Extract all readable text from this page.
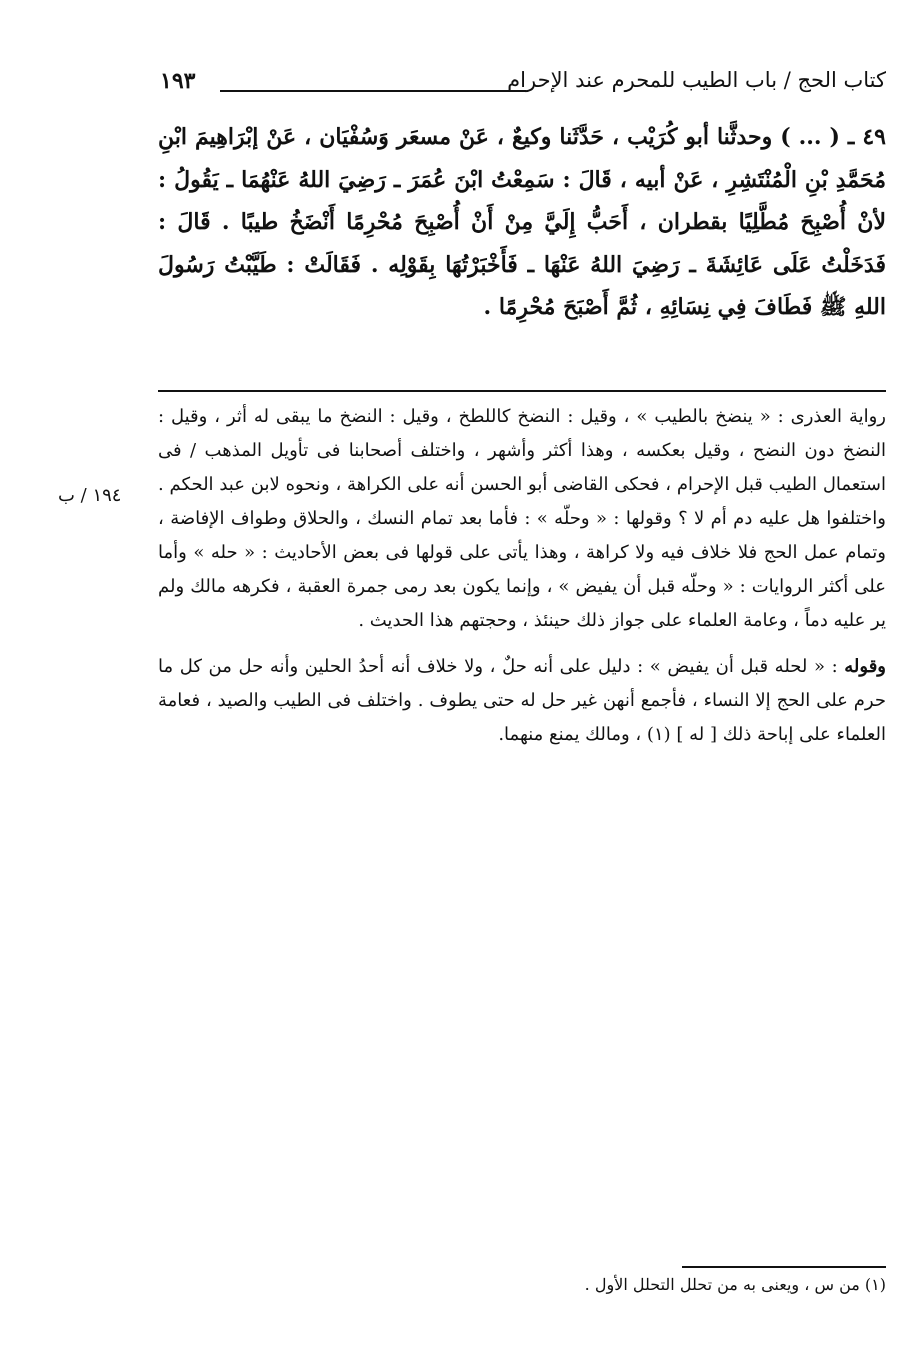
كتاب الحج / باب الطيب للمحرم عند الإحرام
١٩٣
٤٩ ـ ( ... ) وحدثَّنا أبو كُرَيْب ، حَدَّثَنا وكيعٌ ، عَنْ مسعَر وَسُفْيَان ، عَنْ إبْرَاهِيمَ ابْنِ مُحَمَّدِ بْنِ الْمُنْتَشِرِ ، عَنْ أبيه ، قَالَ : سَمِعْتُ ابْنَ عُمَرَ ـ رَضِيَ اللهُ عَنْهُمَا ـ يَقُولُ : لأنْ أُصْبِحَ مُطَّلِيًا بقطران ، أَحَبُّ إِلَيَّ مِنْ أَنْ أُصْبِحَ مُحْرِمًا أَنْضَخُ طيبًا . قَالَ : فَدَخَلْتُ عَلَى عَائِشَةَ ـ رَضِيَ اللهُ عَنْهَا ـ فَأَخْبَرْتُهَا بِقَوْلِه . فَقَالَتْ : طَيَّبْتُ رَسُولَ اللهِ ﷺ فَطَافَ فِي نِسَائِهِ ، ثُمَّ أَصْبَحَ مُحْرِمًا .

رواية العذرى : « ينضخ بالطيب » ، وقيل : النضخ كاللطخ ، وقيل : النضخ ما يبقى له أثر ، وقيل : النضخ دون النضح ، وقيل بعكسه ، وهذا أكثر وأشهر ، واختلف أصحابنا فى تأويل المذهب / فى استعمال الطيب قبل الإحرام ، فحكى القاضى أبو الحسن أنه على الكراهة ، ونحوه لابن عبد الحكم . واختلفوا هل عليه دم أم لا ؟ وقولها : « وحلّه » : فأما بعد تمام النسك ، والحلاق وطواف الإفاضة ، وتمام عمل الحج فلا خلاف فيه ولا كراهة ، وهذا يأتى على قولها فى بعض الأحاديث : « حله » وأما على أكثر الروايات : « وحلّه قبل أن يفيض » ، وإنما يكون بعد رمى جمرة العقبة ، فكرهه مالك ولم ير عليه دماً ، وعامة العلماء على جواز ذلك حينئذ ، وحجتهم هذا الحديث .

وقوله : « لحله قبل أن يفيض » : دليل على أنه حلٌ ، ولا خلاف أنه أحدُ الحلين وأنه حل من كل ما حرم على الحج إلا النساء ، فأجمع أنهن غير حل له حتى يطوف . واختلف فى الطيب والصيد ، فعامة العلماء على إباحة ذلك [ له ] (١) ، ومالك يمنع منهما.

١٩٤ / ب
(١) من س ، ويعنى به من تحلل التحلل الأول .
